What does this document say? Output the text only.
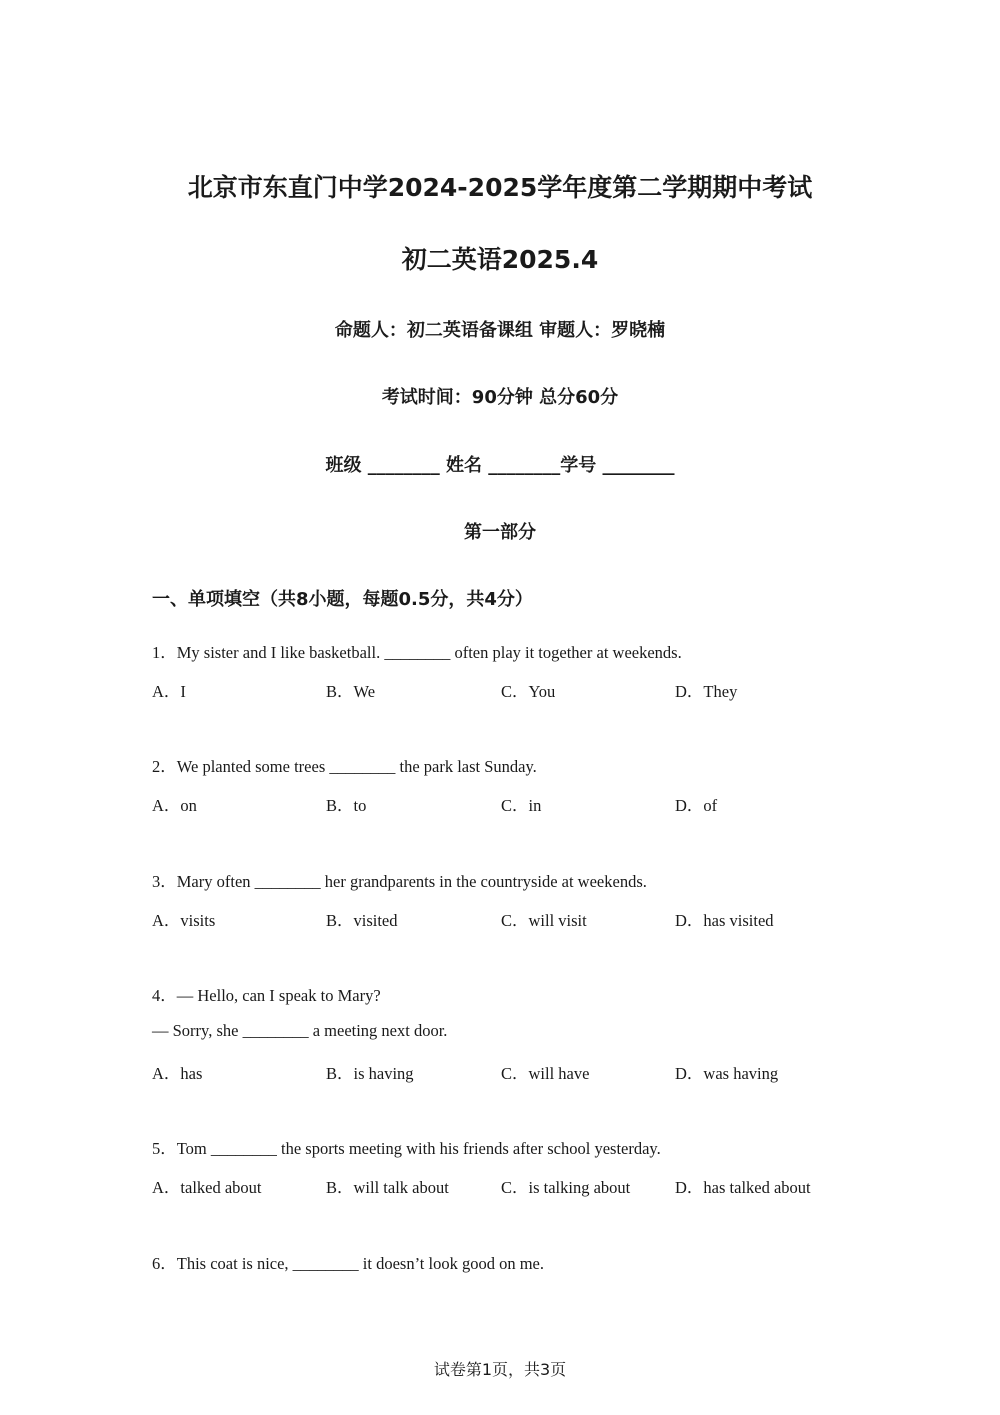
北京市东直门中学2024-2025学年度第二学期期中考试
初二英语2025.4
命题人：初二英语备课组 审题人：罗晓楠
考试时间：90分钟 总分60分
班级 ________ 姓名 ________学号 ________
第一部分
一、单项填空（共8小题，每题0.5分，共4分）
1．My sister and I like basketball. ________ often play it together at weekends.
A．I	B．We	C．You	D．They
2．We planted some trees ________ the park last Sunday.
A．on	B．to	C．in	D．of
3．Mary often ________ her grandparents in the countryside at weekends.
A．visits	B．visited	C．will visit	D．has visited
4．— Hello, can I speak to Mary?
— Sorry, she ________ a meeting next door.
A．has	B．is having	C．will have	D．was having
5．Tom ________ the sports meeting with his friends after school yesterday.
A．talked about	B．will talk about	C．is talking about	D．has talked about
6．This coat is nice, ________ it doesn’t look good on me.
试卷第1页，共3页
